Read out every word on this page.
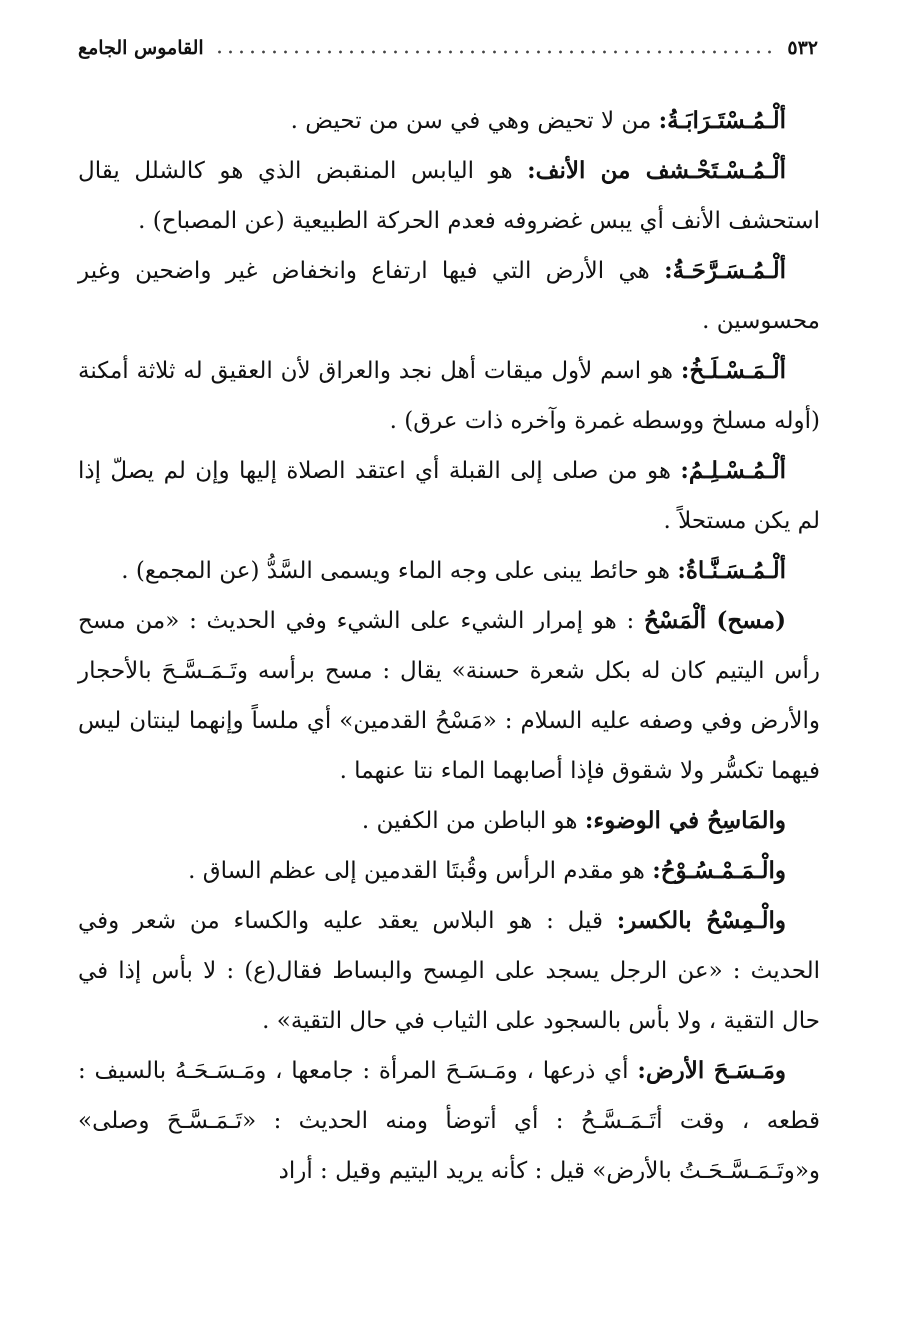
٥٣٢
القاموس الجامع

ألْـمُـسْتَـرَابَـةُ: من لا تحيض وهي في سن من تحيض .

ألْـمُـسْـتَحْـشف من الأنف: هو اليابس المنقبض الذي هو كالشلل يقال استحشف الأنف أي يبس غضروفه فعدم الحركة الطبيعية (عن المصباح) .

ألْـمُـسَـرَّحَـةُ: هي الأرض التي فيها ارتفاع وانخفاض غير واضحين وغير محسوسين .

ألْـمَـسْـلَـخُ: هو اسم لأول ميقات أهل نجد والعراق لأن العقيق له ثلاثة أمكنة (أوله مسلخ ووسطه غمرة وآخره ذات عرق) .

ألْـمُـسْـلِـمُ: هو من صلى إلى القبلة أي اعتقد الصلاة إليها وإن لم يصلّ إذا لم يكن مستحلاً .

ألْـمُـسَـنَّـاةُ: هو حائط يبنى على وجه الماء ويسمى السَّدُّ (عن المجمع) .

(مسح) ألْمَسْحُ : هو إمرار الشيء على الشيء وفي الحديث : «من مسح رأس اليتيم كان له بكل شعرة حسنة» يقال : مسح برأسه وتَـمَـسَّـحَ بالأحجار والأرض وفي وصفه عليه السلام : «مَسْحُ القدمين» أي ملساً وإنهما لينتان ليس فيهما تكسُّر ولا شقوق فإذا أصابهما الماء نتا عنهما .

والمَاسِحُ في الوضوء: هو الباطن من الكفين .

والْـمَـمْـسُـوْحُ: هو مقدم الرأس وقُبتَا القدمين إلى عظم الساق .

والْـمِسْحُ بالكسر: قيل : هو البلاس يعقد عليه والكساء من شعر وفي الحديث : «عن الرجل يسجد على المِسح والبساط فقال(ع) : لا بأس إذا في حال التقية ، ولا بأس بالسجود على الثياب في حال التقية» .

ومَـسَـحَ الأرض: أي ذرعها ، ومَـسَـحَ المرأة : جامعها ، ومَـسَـحَـهُ بالسيف : قطعه ، وقت أتَـمَـسَّـحُ : أي أتوضأ ومنه الحديث : «تَـمَـسَّـحَ وصلى» و«وتَـمَـسَّـحَـتُ بالأرض» قيل : كأنه يريد اليتيم وقيل : أراد
